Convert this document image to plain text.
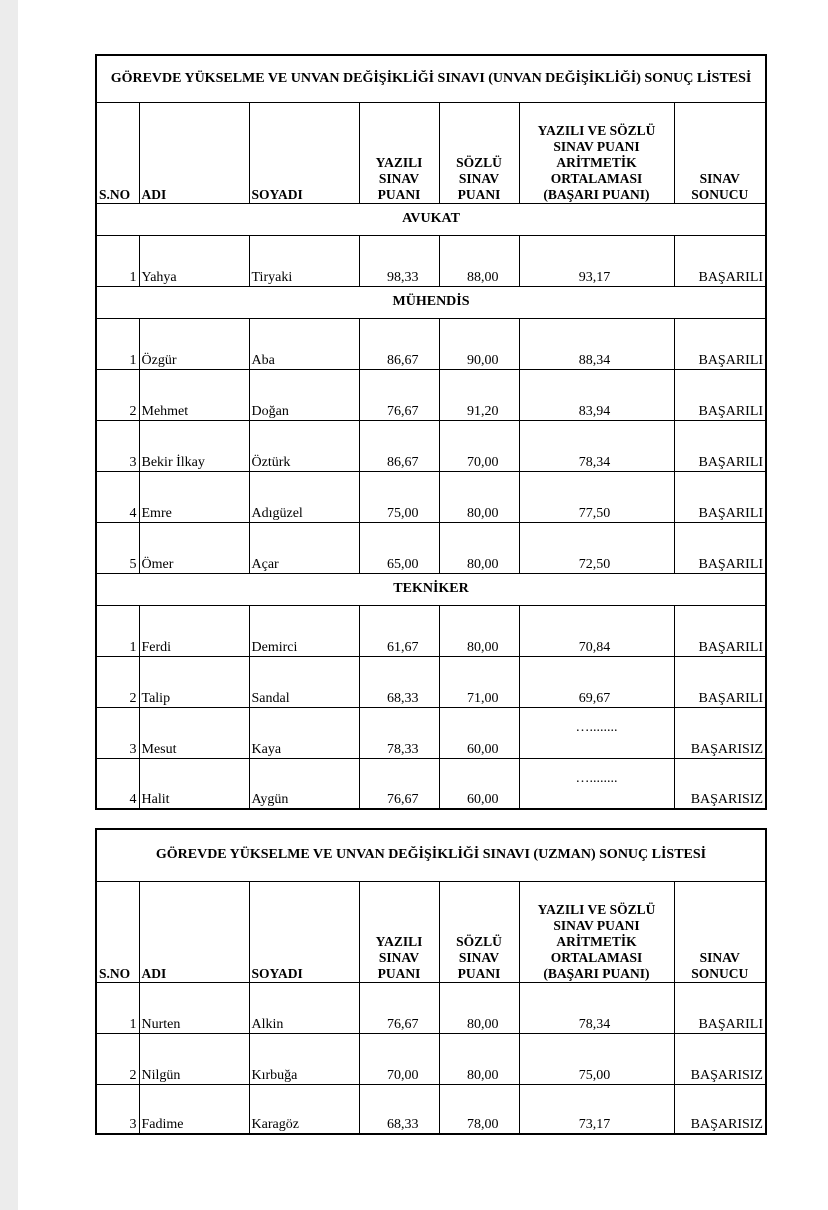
GÖREVDE YÜKSELME VE UNVAN DEĞİŞİKLİĞİ SINAVI (UNVAN DEĞİŞİKLİĞİ) SONUÇ LİSTESİ						
S.NO	ADI	SOYADI	YAZILI SINAV PUANI	SÖZLÜ SINAV PUANI	YAZILI VE SÖZLÜ SINAV PUANI ARİTMETİK ORTALAMASI (BAŞARI PUANI)	SINAV SONUCU
AVUKAT						
1	Yahya	Tiryaki	98,33	88,00	93,17	BAŞARILI
MÜHENDİS						
1	Özgür	Aba	86,67	90,00	88,34	BAŞARILI
2	Mehmet	Doğan	76,67	91,20	83,94	BAŞARILI
3	Bekir İlkay	Öztürk	86,67	70,00	78,34	BAŞARILI
4	Emre	Adıgüzel	75,00	80,00	77,50	BAŞARILI
5	Ömer	Açar	65,00	80,00	72,50	BAŞARILI
TEKNİKER						
1	Ferdi	Demirci	61,67	80,00	70,84	BAŞARILI
2	Talip	Sandal	68,33	71,00	69,67	BAŞARILI
3	Mesut	Kaya	78,33	60,00	…........	BAŞARISIZ
4	Halit	Aygün	76,67	60,00	…........	BAŞARISIZ
GÖREVDE YÜKSELME VE UNVAN DEĞİŞİKLİĞİ SINAVI (UZMAN) SONUÇ LİSTESİ						
S.NO	ADI	SOYADI	YAZILI SINAV PUANI	SÖZLÜ SINAV PUANI	YAZILI VE SÖZLÜ SINAV PUANI ARİTMETİK ORTALAMASI (BAŞARI PUANI)	SINAV SONUCU
1	Nurten	Alkin	76,67	80,00	78,34	BAŞARILI
2	Nilgün	Kırbuğa	70,00	80,00	75,00	BAŞARISIZ
3	Fadime	Karagöz	68,33	78,00	73,17	BAŞARISIZ
